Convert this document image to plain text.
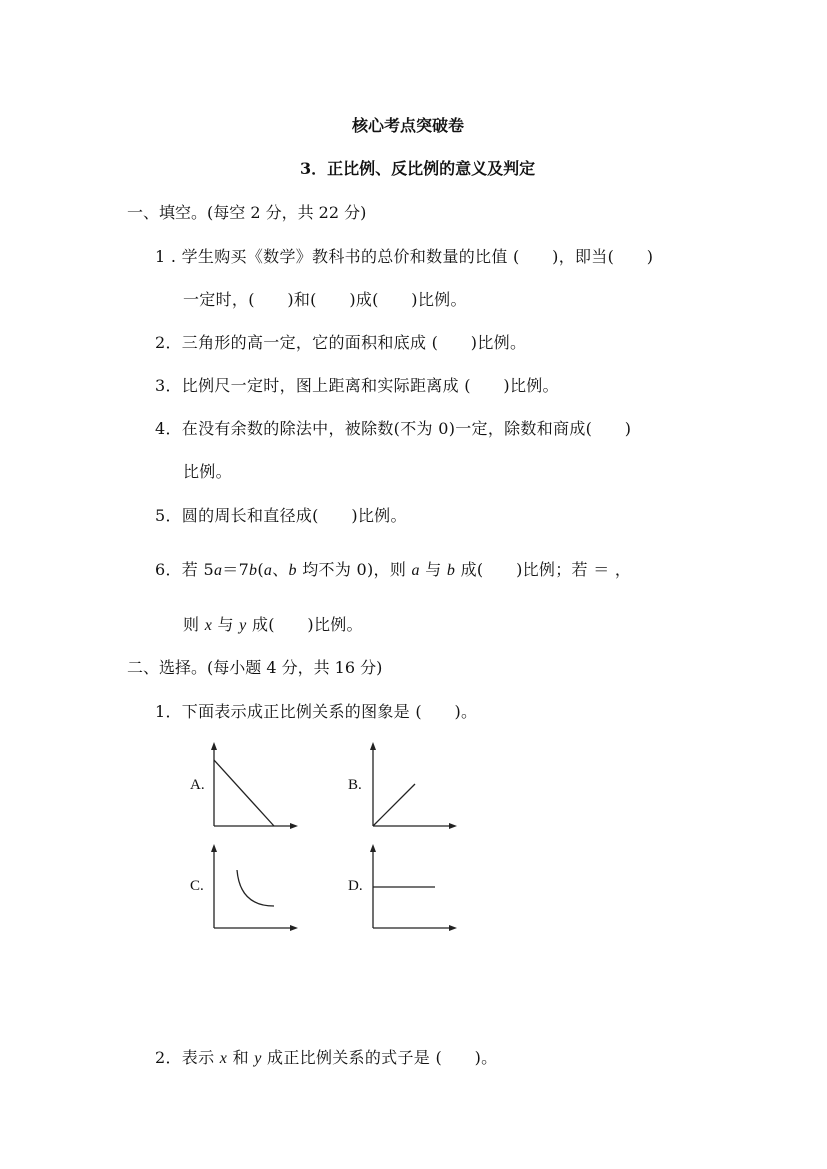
核心考点突破卷
3．正比例、反比例的意义及判定
一、填空。(每空 2 分，共 22 分)
1 . 学生购买《数学》教科书的总价和数量的比值 (　　)，即当(　　)
一定时，(　　)和(　　)成(　　)比例。
2．三角形的高一定，它的面积和底成 (　　)比例。
3．比例尺一定时，图上距离和实际距离成 (　　)比例。
4．在没有余数的除法中，被除数(不为 0)一定，除数和商成(　　)
比例。
5．圆的周长和直径成(　　)比例。
6．若 5a＝7b(a、b 均不为 0)，则 a 与 b 成(　　)比例；若 ＝ ，
则 x 与 y 成(　　)比例。
二、选择。(每小题 4 分，共 16 分)
1．下面表示成正比例关系的图象是 (　　)。
A.	B.
C.	D.
2．表示 x 和 y 成正比例关系的式子是 (　　)。
